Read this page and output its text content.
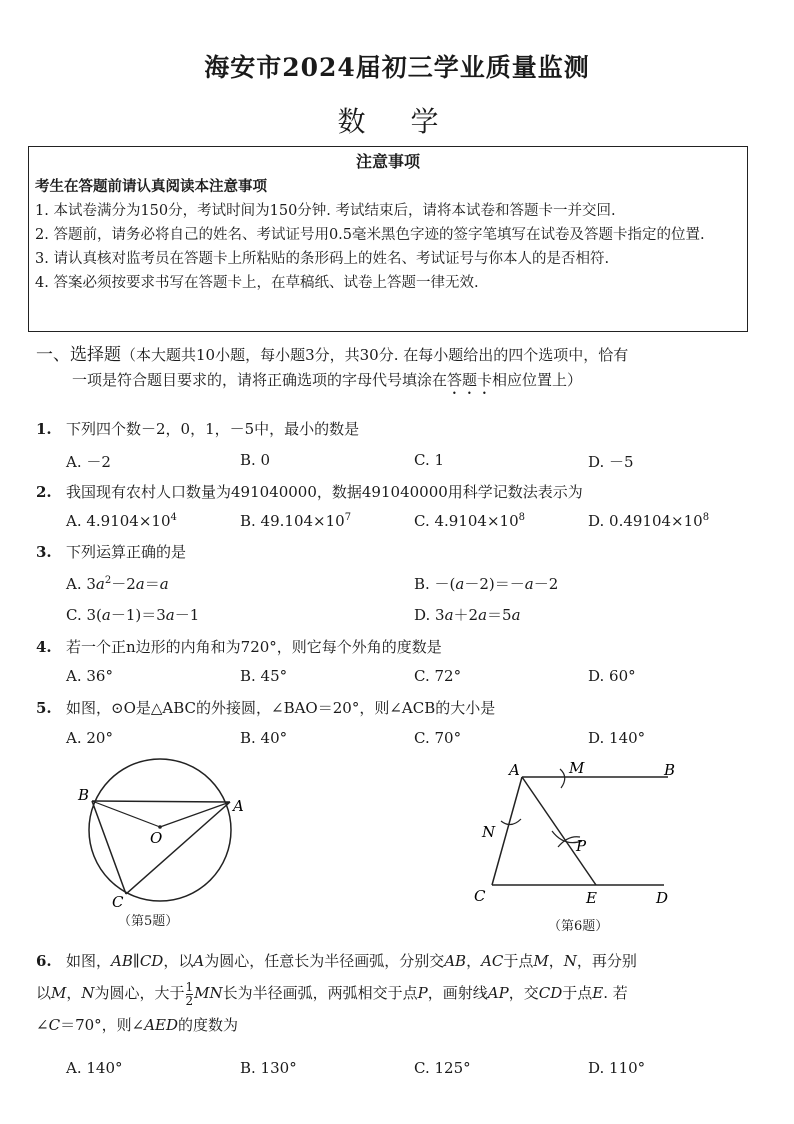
海安市2024届初三学业质量监测
数 学
注意事项
考生在答题前请认真阅读本注意事项
1. 本试卷满分为150分，考试时间为150分钟. 考试结束后，请将本试卷和答题卡一并交回.
2. 答题前，请务必将自己的姓名、考试证号用0.5毫米黑色字迹的签字笔填写在试卷及答题卡指定的位置.
3. 请认真核对监考员在答题卡上所粘贴的条形码上的姓名、考试证号与你本人的是否相符.
4. 答案必须按要求书写在答题卡上，在草稿纸、试卷上答题一律无效.
一、选择题（本大题共10小题，每小题3分，共30分. 在每小题给出的四个选项中，恰有
一项是符合题目要求的，请将正确选项的字母代号填涂在答题卡相应位置上）
1. 下列四个数－2，0，1，－5中，最小的数是
A. －2	B. 0	C. 1	D. －5
2. 我国现有农村人口数量为491040000，数据491040000用科学记数法表示为
A. $4.9104\times 10^4$	B. $49.104\times 10^7$	C. $4.9104\times 10^8$	D. $0.49104\times 10^8$
3. 下列运算正确的是
A. $3a^2-2a=a$	B. －(a－2)＝－a－2
C. 3(a－1)＝3a－1	D. 3a＋2a＝5a
4. 若一个正n边形的内角和为720°，则它每个外角的度数是
A. 36°	B. 45°	C. 72°	D. 60°
5. 如图，⊙O是△ABC的外接圆，∠BAO＝20°，则∠ACB的大小是
A. 20°	B. 40°	C. 70°	D. 140°
B
A
O
C
（第5题）
A	M	B
N
P
C	E	D
（第6题）
6. 如图，AB∥CD，以A为圆心，任意长为半径画弧，分别交AB，AC于点M，N，再分别
以M，N为圆心，大于 $\frac{1}{2}$ MN长为半径画弧，两弧相交于点P，画射线AP，交CD于点E. 若
∠C＝70°，则∠AED的度数为
A. 140°	B. 130°	C. 125°	D. 110°
